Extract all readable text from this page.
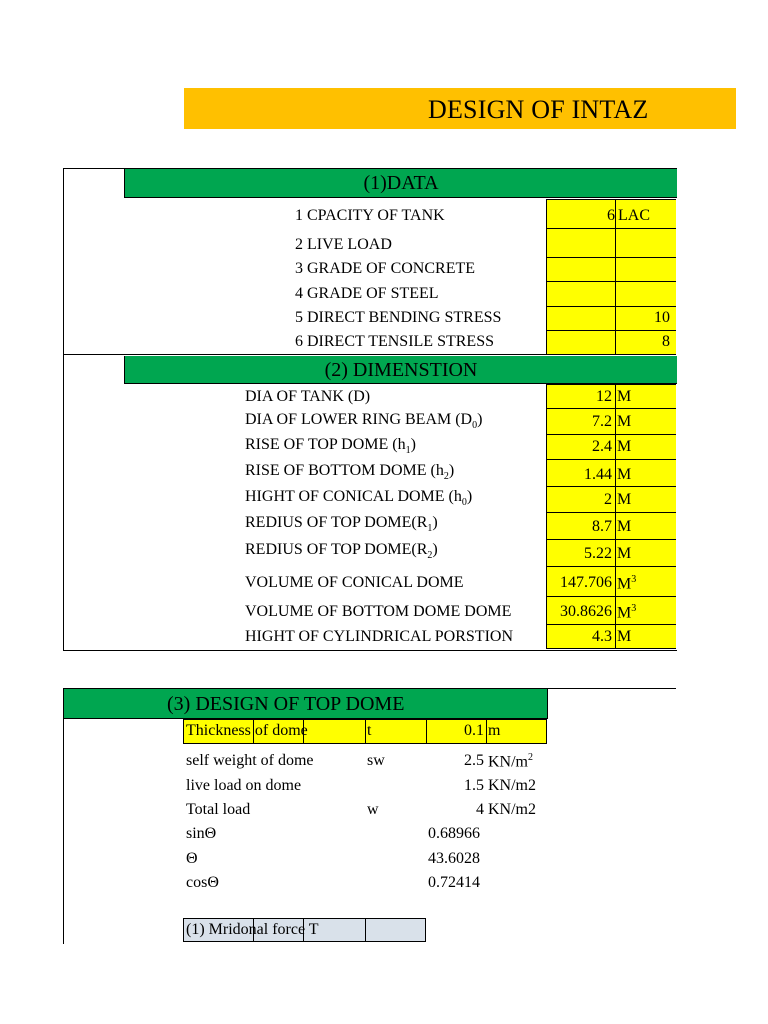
DESIGN OF INTAZ
(1)DATA
1 CPACITY OF TANK	6 LAC
2 LIVE LOAD
3 GRADE OF CONCRETE
4 GRADE OF STEEL
5 DIRECT BENDING STRESS	10
6 DIRECT TENSILE STRESS	8
(2) DIMENSTION
DIA OF TANK (D)	12 M
DIA OF LOWER RING BEAM $(D_0)$	7.2 M
RISE OF TOP DOME $(h_1)$	2.4 M
RISE OF BOTTOM DOME $(h_2)$	1.44 M
HIGHT OF CONICAL DOME $(h_0)$	2 M
REDIUS OF TOP $DOME(R_1)$	8.7 M
REDIUS OF TOP $DOME(R_2)$	5.22 M
VOLUME OF CONICAL DOME	147.706 $M^3$
VOLUME OF BOTTOM DOME DOME	30.8626 $M^3$
HIGHT OF CYLINDRICAL PORSTION	4.3 M
(3) DESIGN OF TOP DOME
Thickness of dome	t	0.1 m
self weight of dome	sw	2.5 $KN/m^2$
live load on dome	1.5 KN/m2
Total load	w	4 KN/m2
sinΘ	0.68966
Θ	43.6028
cosΘ	0.72414
(1) Mridonal force T
